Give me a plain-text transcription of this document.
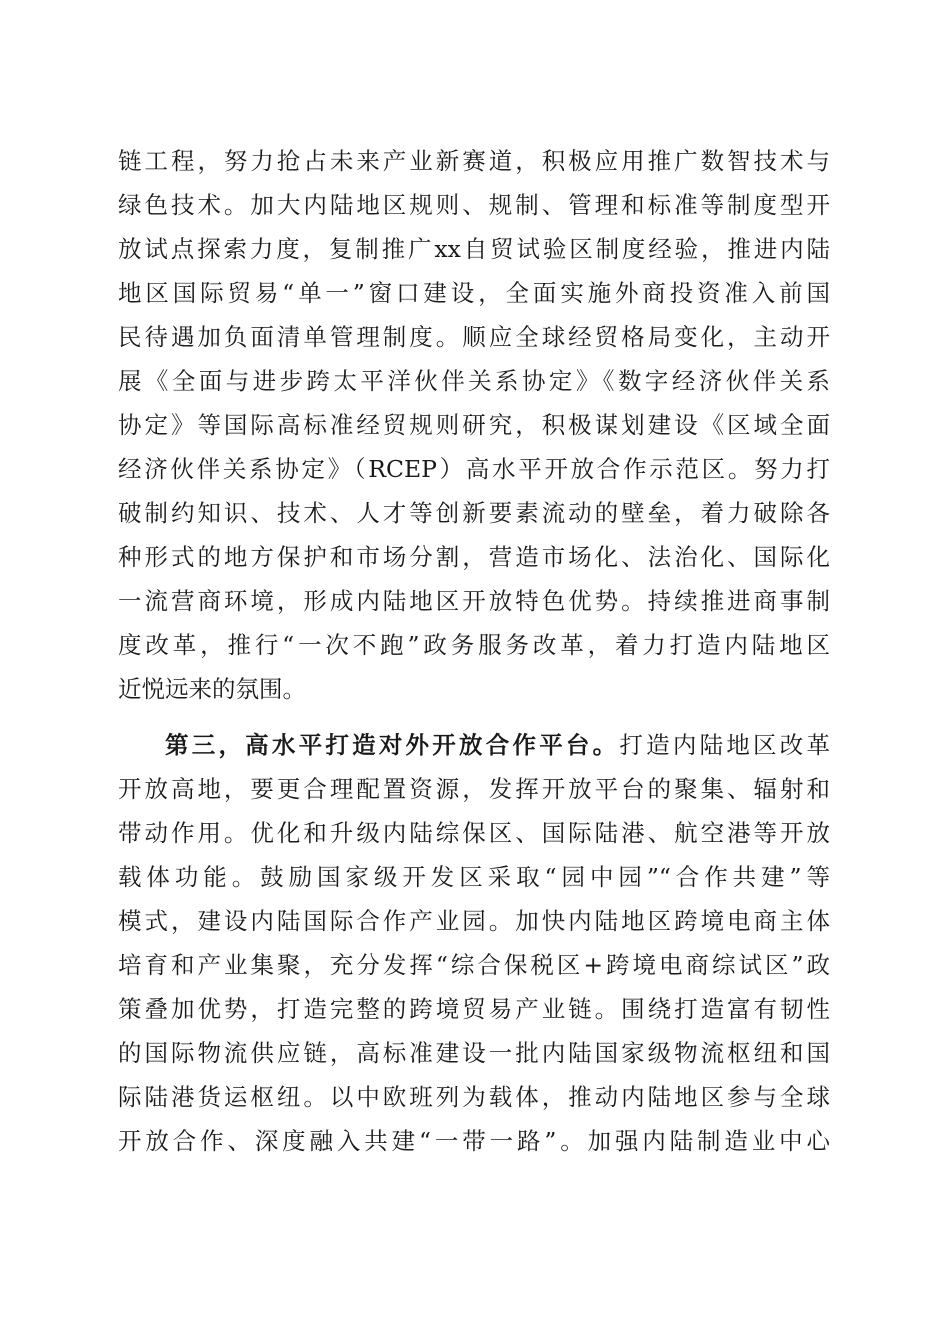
链工程，努力抢占未来产业新赛道，积极应用推广数智技术与
绿色技术。加大内陆地区规则、规制、管理和标准等制度型开
放试点探索力度，复制推广xx自贸试验区制度经验，推进内陆
地区国际贸易“单一”窗口建设，全面实施外商投资准入前国
民待遇加负面清单管理制度。顺应全球经贸格局变化，主动开
展《全面与进步跨太平洋伙伴关系协定》《数字经济伙伴关系
协定》等国际高标准经贸规则研究，积极谋划建设《区域全面
经济伙伴关系协定》（RCEP）高水平开放合作示范区。努力打
破制约知识、技术、人才等创新要素流动的壁垒，着力破除各
种形式的地方保护和市场分割，营造市场化、法治化、国际化
一流营商环境，形成内陆地区开放特色优势。持续推进商事制
度改革，推行“一次不跑”政务服务改革，着力打造内陆地区
近悦远来的氛围。
第三，高水平打造对外开放合作平台。打造内陆地区改革
开放高地，要更合理配置资源，发挥开放平台的聚集、辐射和
带动作用。优化和升级内陆综保区、国际陆港、航空港等开放
载体功能。鼓励国家级开发区采取“园中园”“合作共建”等
模式，建设内陆国际合作产业园。加快内陆地区跨境电商主体
培育和产业集聚，充分发挥“综合保税区+跨境电商综试区”政
策叠加优势，打造完整的跨境贸易产业链。围绕打造富有韧性
的国际物流供应链，高标准建设一批内陆国家级物流枢纽和国
际陆港货运枢纽。以中欧班列为载体，推动内陆地区参与全球
开放合作、深度融入共建“一带一路”。加强内陆制造业中心
